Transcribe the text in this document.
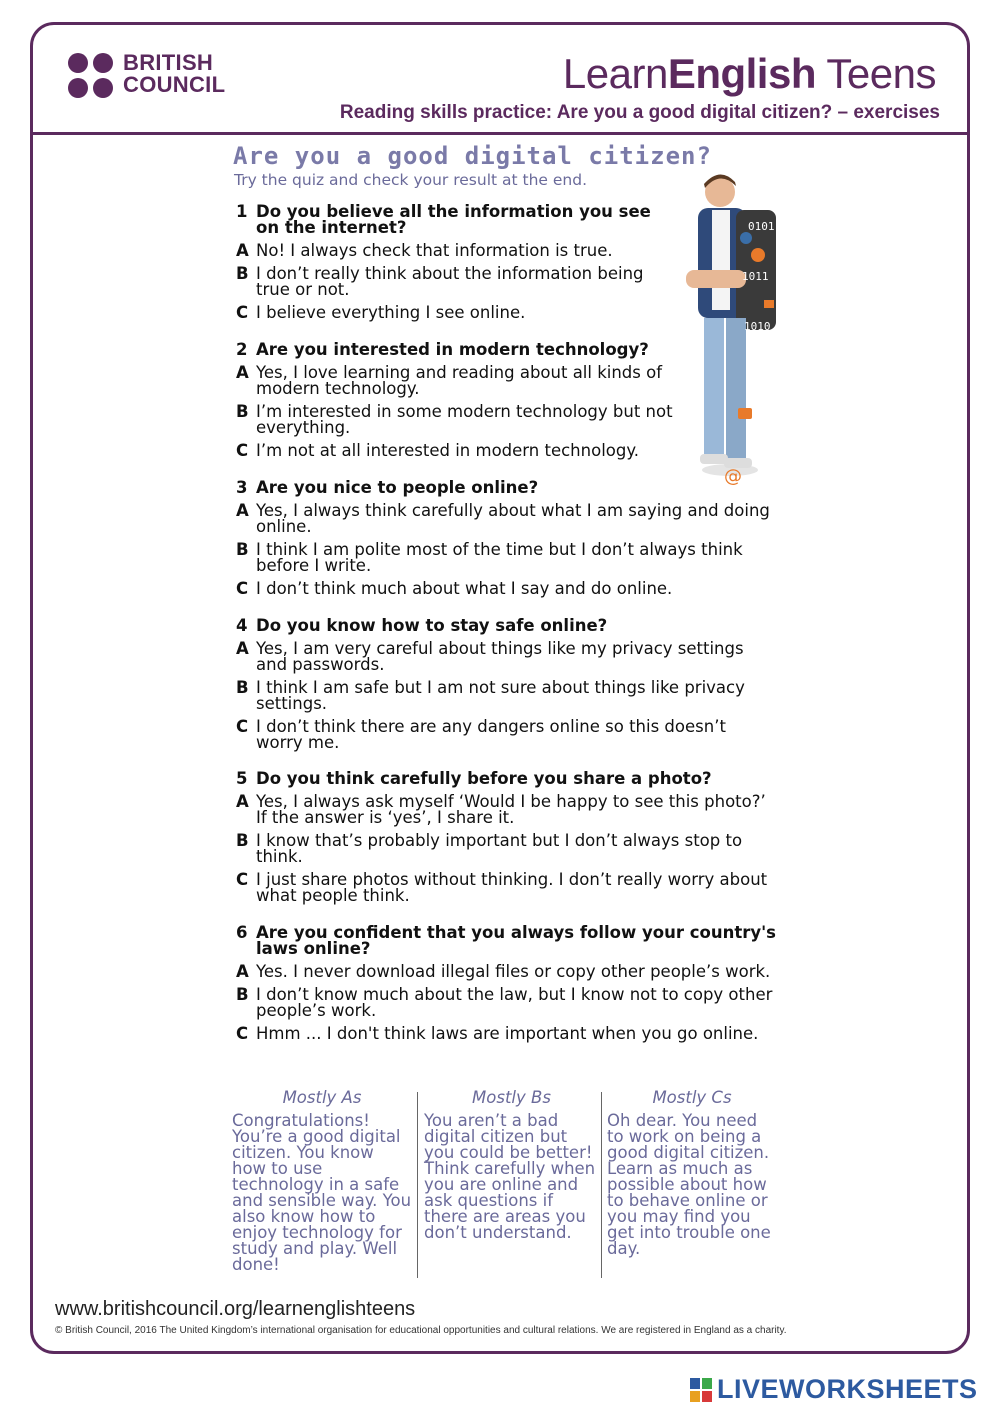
BRITISH
COUNCIL	LearnEnglish Teens
Reading skills practice: Are you a good digital citizen? – exercises
Are you a good digital citizen?
Try the quiz and check your result at the end.
0101
1011
1010
@
1 Do you believe all the information you see on the internet?
A No! I always check that information is true.
B I don’t really think about the information being true or not.
C I believe everything I see online.
2 Are you interested in modern technology?
A Yes, I love learning and reading about all kinds of modern technology.
B I’m interested in some modern technology but not everything.
C I’m not at all interested in modern technology.
3 Are you nice to people online?
A Yes, I always think carefully about what I am saying and doing online.
B I think I am polite most of the time but I don’t always think before I write.
C I don’t think much about what I say and do online.
4 Do you know how to stay safe online?
A Yes, I am very careful about things like my privacy settings and passwords.
B I think I am safe but I am not sure about things like privacy settings.
C I don’t think there are any dangers online so this doesn’t worry me.
5 Do you think carefully before you share a photo?
A Yes, I always ask myself ‘Would I be happy to see this photo?’ If the answer is ‘yes’, I share it.
B I know that’s probably important but I don’t always stop to think.
C I just share photos without thinking. I don’t really worry about what people think.
6 Are you confident that you always follow your country's laws online?
A Yes. I never download illegal files or copy other people’s work.
B I don’t know much about the law, but I know not to copy other people’s work.
C Hmm ... I don't think laws are important when you go online.
Mostly As
Congratulations! You’re a good digital citizen. You know how to use technology in a safe and sensible way. You also know how to enjoy technology for study and play. Well done!
Mostly Bs
You aren’t a bad digital citizen but you could be better! Think carefully when you are online and ask questions if there are areas you don’t understand.
Mostly Cs
Oh dear. You need to work on being a good digital citizen. Learn as much as possible about how to behave online or you may find you get into trouble one day.
www.britishcouncil.org/learnenglishteens
© British Council, 2016 The United Kingdom’s international organisation for educational opportunities and cultural relations. We are registered in England as a charity.
LIVEWORKSHEETS
